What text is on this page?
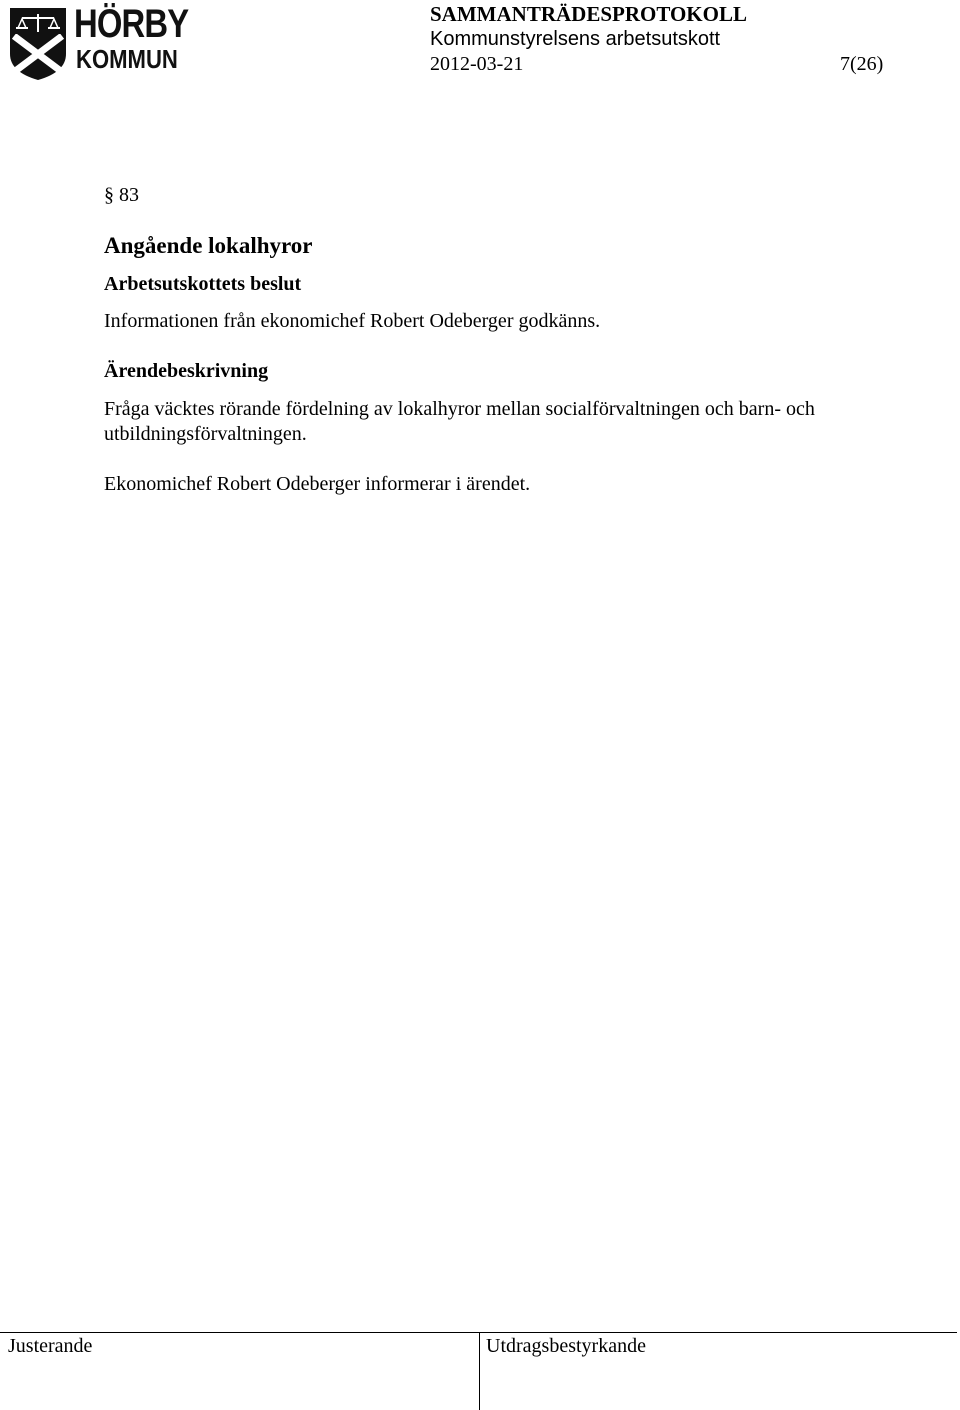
HÖRBY
KOMMUN
SAMMANTRÄDESPROTOKOLL
Kommunstyrelsens arbetsutskott
2012-03-21	7(26)
§ 83
Angående lokalhyror
Arbetsutskottets beslut
Informationen från ekonomichef Robert Odeberger godkänns.
Ärendebeskrivning
Fråga väcktes rörande fördelning av lokalhyror mellan socialförvaltningen och barn- och utbildningsförvaltningen.
Ekonomichef Robert Odeberger informerar i ärendet.
Justerande	Utdragsbestyrkande
